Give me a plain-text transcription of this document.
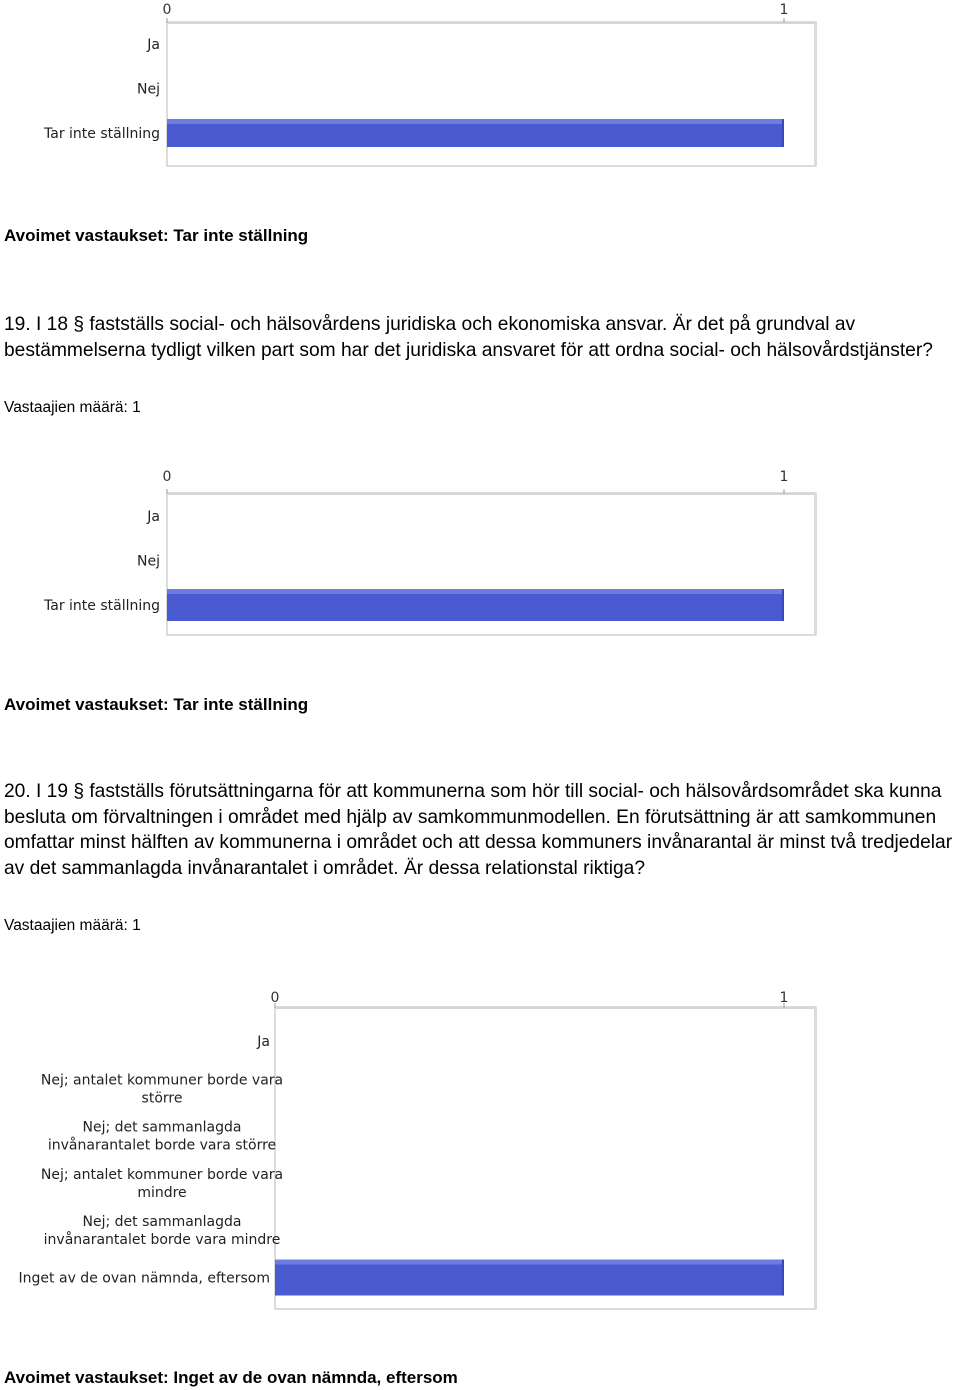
0	1
Ja
Nej
Tar inte ställning
Avoimet vastaukset: Tar inte ställning
19. I 18 § fastställs social- och hälsovårdens juridiska och ekonomiska ansvar. Är det på grundval av bestämmelserna tydligt vilken part som har det juridiska ansvaret för att ordna social- och hälsovårdstjänster?
Vastaajien määrä: 1
0	1
Ja
Nej
Tar inte ställning
Avoimet vastaukset: Tar inte ställning
20. I 19 § fastställs förutsättningarna för att kommunerna som hör till social- och hälsovårdsområdet ska kunna besluta om förvaltningen i området med hjälp av samkommunmodellen. En förutsättning är att samkommunen omfattar minst hälften av kommunerna i området och att dessa kommuners invånarantal är minst två tredjedelar av det sammanlagda invånarantalet i området. Är dessa relationstal riktiga?
Vastaajien määrä: 1
0	1
Ja
Nej; antalet kommuner borde vara
större
Nej; det sammanlagda
invånarantalet borde vara större
Nej; antalet kommuner borde vara
mindre
Nej; det sammanlagda
invånarantalet borde vara mindre
Inget av de ovan nämnda, eftersom
Avoimet vastaukset: Inget av de ovan nämnda, eftersom
